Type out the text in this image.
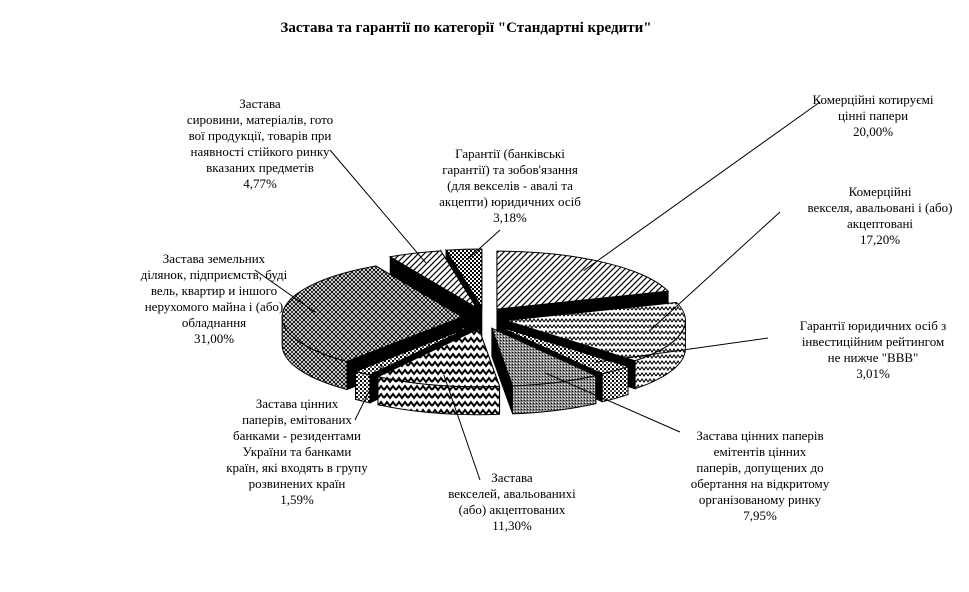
Застава та гарантії по категорії "Стандартні кредити"
Комерційні котируємі цінні папери 20,00%
Комерційні векселя, авальовані і (або) акцептовані 17,20%
Гарантії юридичних осіб з інвестиційним рейтингом не нижче "ВВВ" 3,01%
Застава цінних паперів емітентів цінних паперів, допущених до обертання на відкритому організованому ринку 7,95%
Застава векселей, авальованихі (або) акцептованих 11,30%
Застава цінних паперів, емітованих банками - резидентами України та банками країн, які входять в групу розвинених країн 1,59%
Застава земельних ділянок, підприємств, буді вель, квартир и іншого нерухомого майна і (або) обладнання 31,00%
Застава сировини, матеріалів, гото вої продукції, товарів при наявності стійкого ринку вказаних предметів 4,77%
Гарантії (банківські гарантії) та зобов'язання (для векселів - авалі та акцепти) юридичних осіб 3,18%
